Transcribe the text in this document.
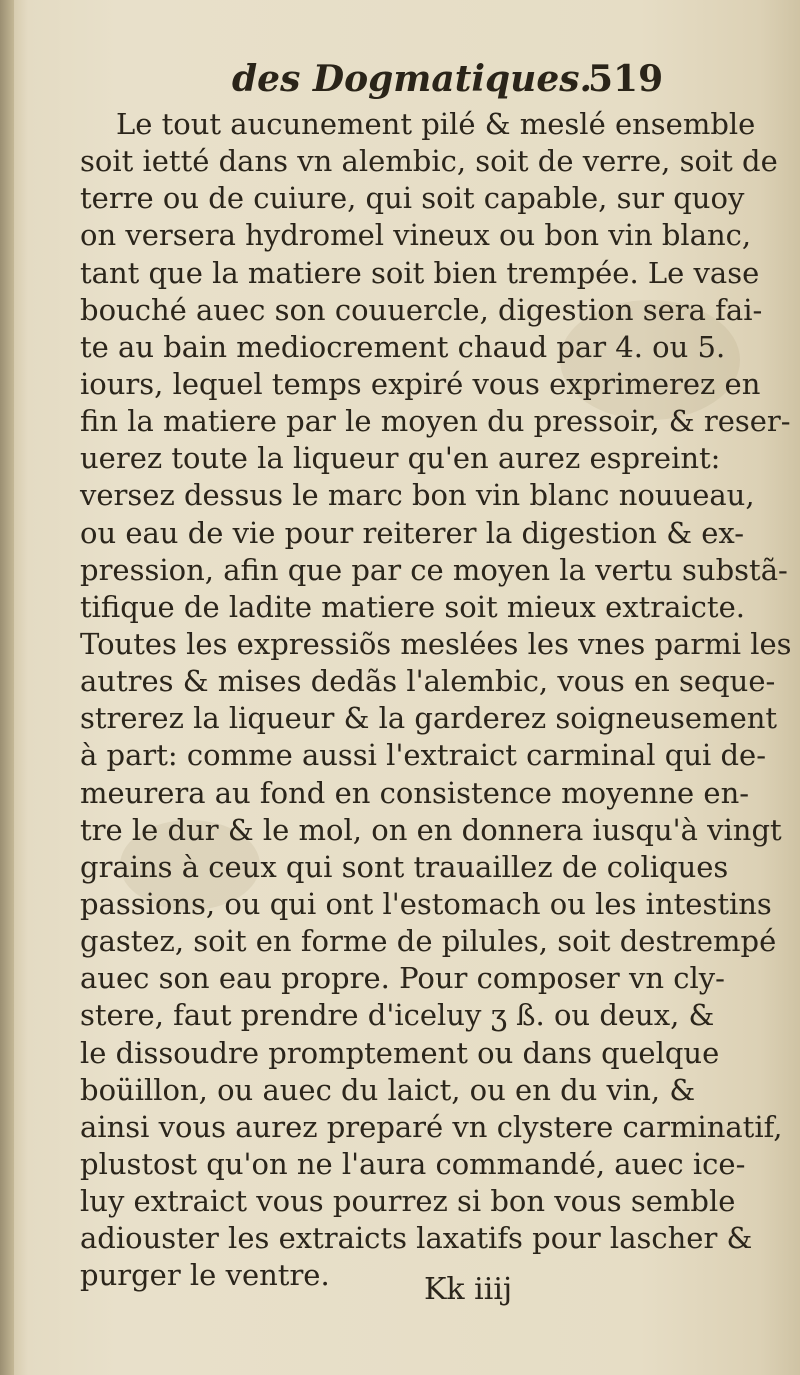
des Dogmatiques.
519
Le tout aucunement pilé & meslé ensemble
soit ietté dans vn alembic, soit de verre, soit de
terre ou de cuiure, qui soit capable, sur quoy
on versera hydromel vineux ou bon vin blanc,
tant que la matiere soit bien trempée. Le vase
bouché auec son couuercle, digestion sera fai-
te au bain mediocrement chaud par 4. ou 5.
iours, lequel temps expiré vous exprimerez en
fin la matiere par le moyen du pressoir, & reser-
uerez toute la liqueur qu'en aurez espreint:
versez dessus le marc bon vin blanc nouueau,
ou eau de vie pour reiterer la digestion & ex-
pression, afin que par ce moyen la vertu substã-
tifique de ladite matiere soit mieux extraicte.
Toutes les expressiõs meslées les vnes parmi les
autres & mises dedãs l'alembic, vous en seque-
strerez la liqueur & la garderez soigneusement
à part: comme aussi l'extraict carminal qui de-
meurera au fond en consistence moyenne en-
tre le dur & le mol, on en donnera iusqu'à vingt
grains à ceux qui sont trauaillez de coliques
passions, ou qui ont l'estomach ou les intestins
gastez, soit en forme de pilules, soit destrempé
auec son eau propre. Pour composer vn cly-
stere, faut prendre d'iceluy ʒ ß. ou deux, &
le dissoudre promptement ou dans quelque
boüillon, ou auec du laict, ou en du vin, &
ainsi vous aurez preparé vn clystere carminatif,
plustost qu'on ne l'aura commandé, auec ice-
luy extraict vous pourrez si bon vous semble
adiouster les extraicts laxatifs pour lascher &
purger le ventre.	Kk iiij
